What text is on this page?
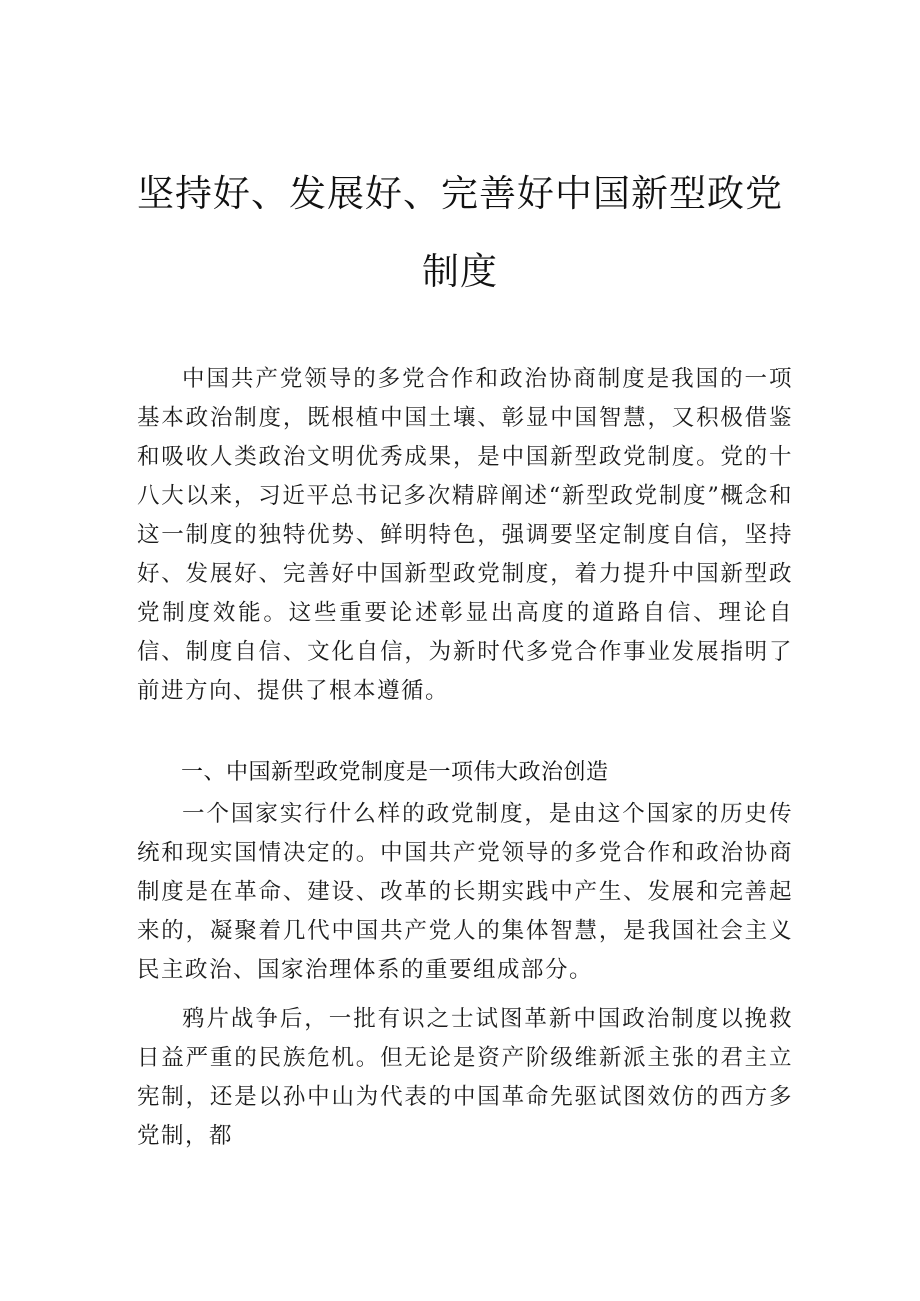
坚持好、发展好、完善好中国新型政党制度

中国共产党领导的多党合作和政治协商制度是我国的一项基本政治制度，既根植中国土壤、彰显中国智慧，又积极借鉴和吸收人类政治文明优秀成果，是中国新型政党制度。党的十八大以来，习近平总书记多次精辟阐述“新型政党制度”概念和这一制度的独特优势、鲜明特色，强调要坚定制度自信，坚持好、发展好、完善好中国新型政党制度，着力提升中国新型政党制度效能。这些重要论述彰显出高度的道路自信、理论自信、制度自信、文化自信，为新时代多党合作事业发展指明了前进方向、提供了根本遵循。

一、中国新型政党制度是一项伟大政治创造

一个国家实行什么样的政党制度，是由这个国家的历史传统和现实国情决定的。中国共产党领导的多党合作和政治协商制度是在革命、建设、改革的长期实践中产生、发展和完善起来的，凝聚着几代中国共产党人的集体智慧，是我国社会主义民主政治、国家治理体系的重要组成部分。

鸦片战争后，一批有识之士试图革新中国政治制度以挽救日益严重的民族危机。但无论是资产阶级维新派主张的君主立宪制，还是以孙中山为代表的中国革命先驱试图效仿的西方多党制，都
